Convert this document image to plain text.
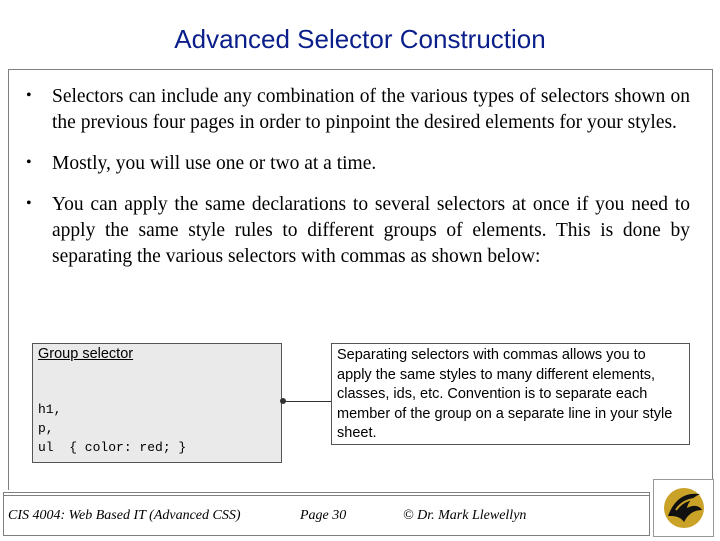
Advanced Selector Construction
• Selectors can include any combination of the various types of selectors shown on the previous four pages in order to pinpoint the desired elements for your styles.
• Mostly, you will use one or two at a time.
• You can apply the same declarations to several selectors at once if you need to apply the same style rules to different groups of elements. This is done by separating the various selectors with commas as shown below:
Group selector
h1,
p,
ul  { color: red; }
Separating selectors with commas allows you to apply the same styles to many different elements, classes, ids, etc. Convention is to separate each member of the group on a separate line in your style sheet.
CIS 4004: Web Based IT (Advanced CSS)	Page 30	© Dr. Mark Llewellyn
